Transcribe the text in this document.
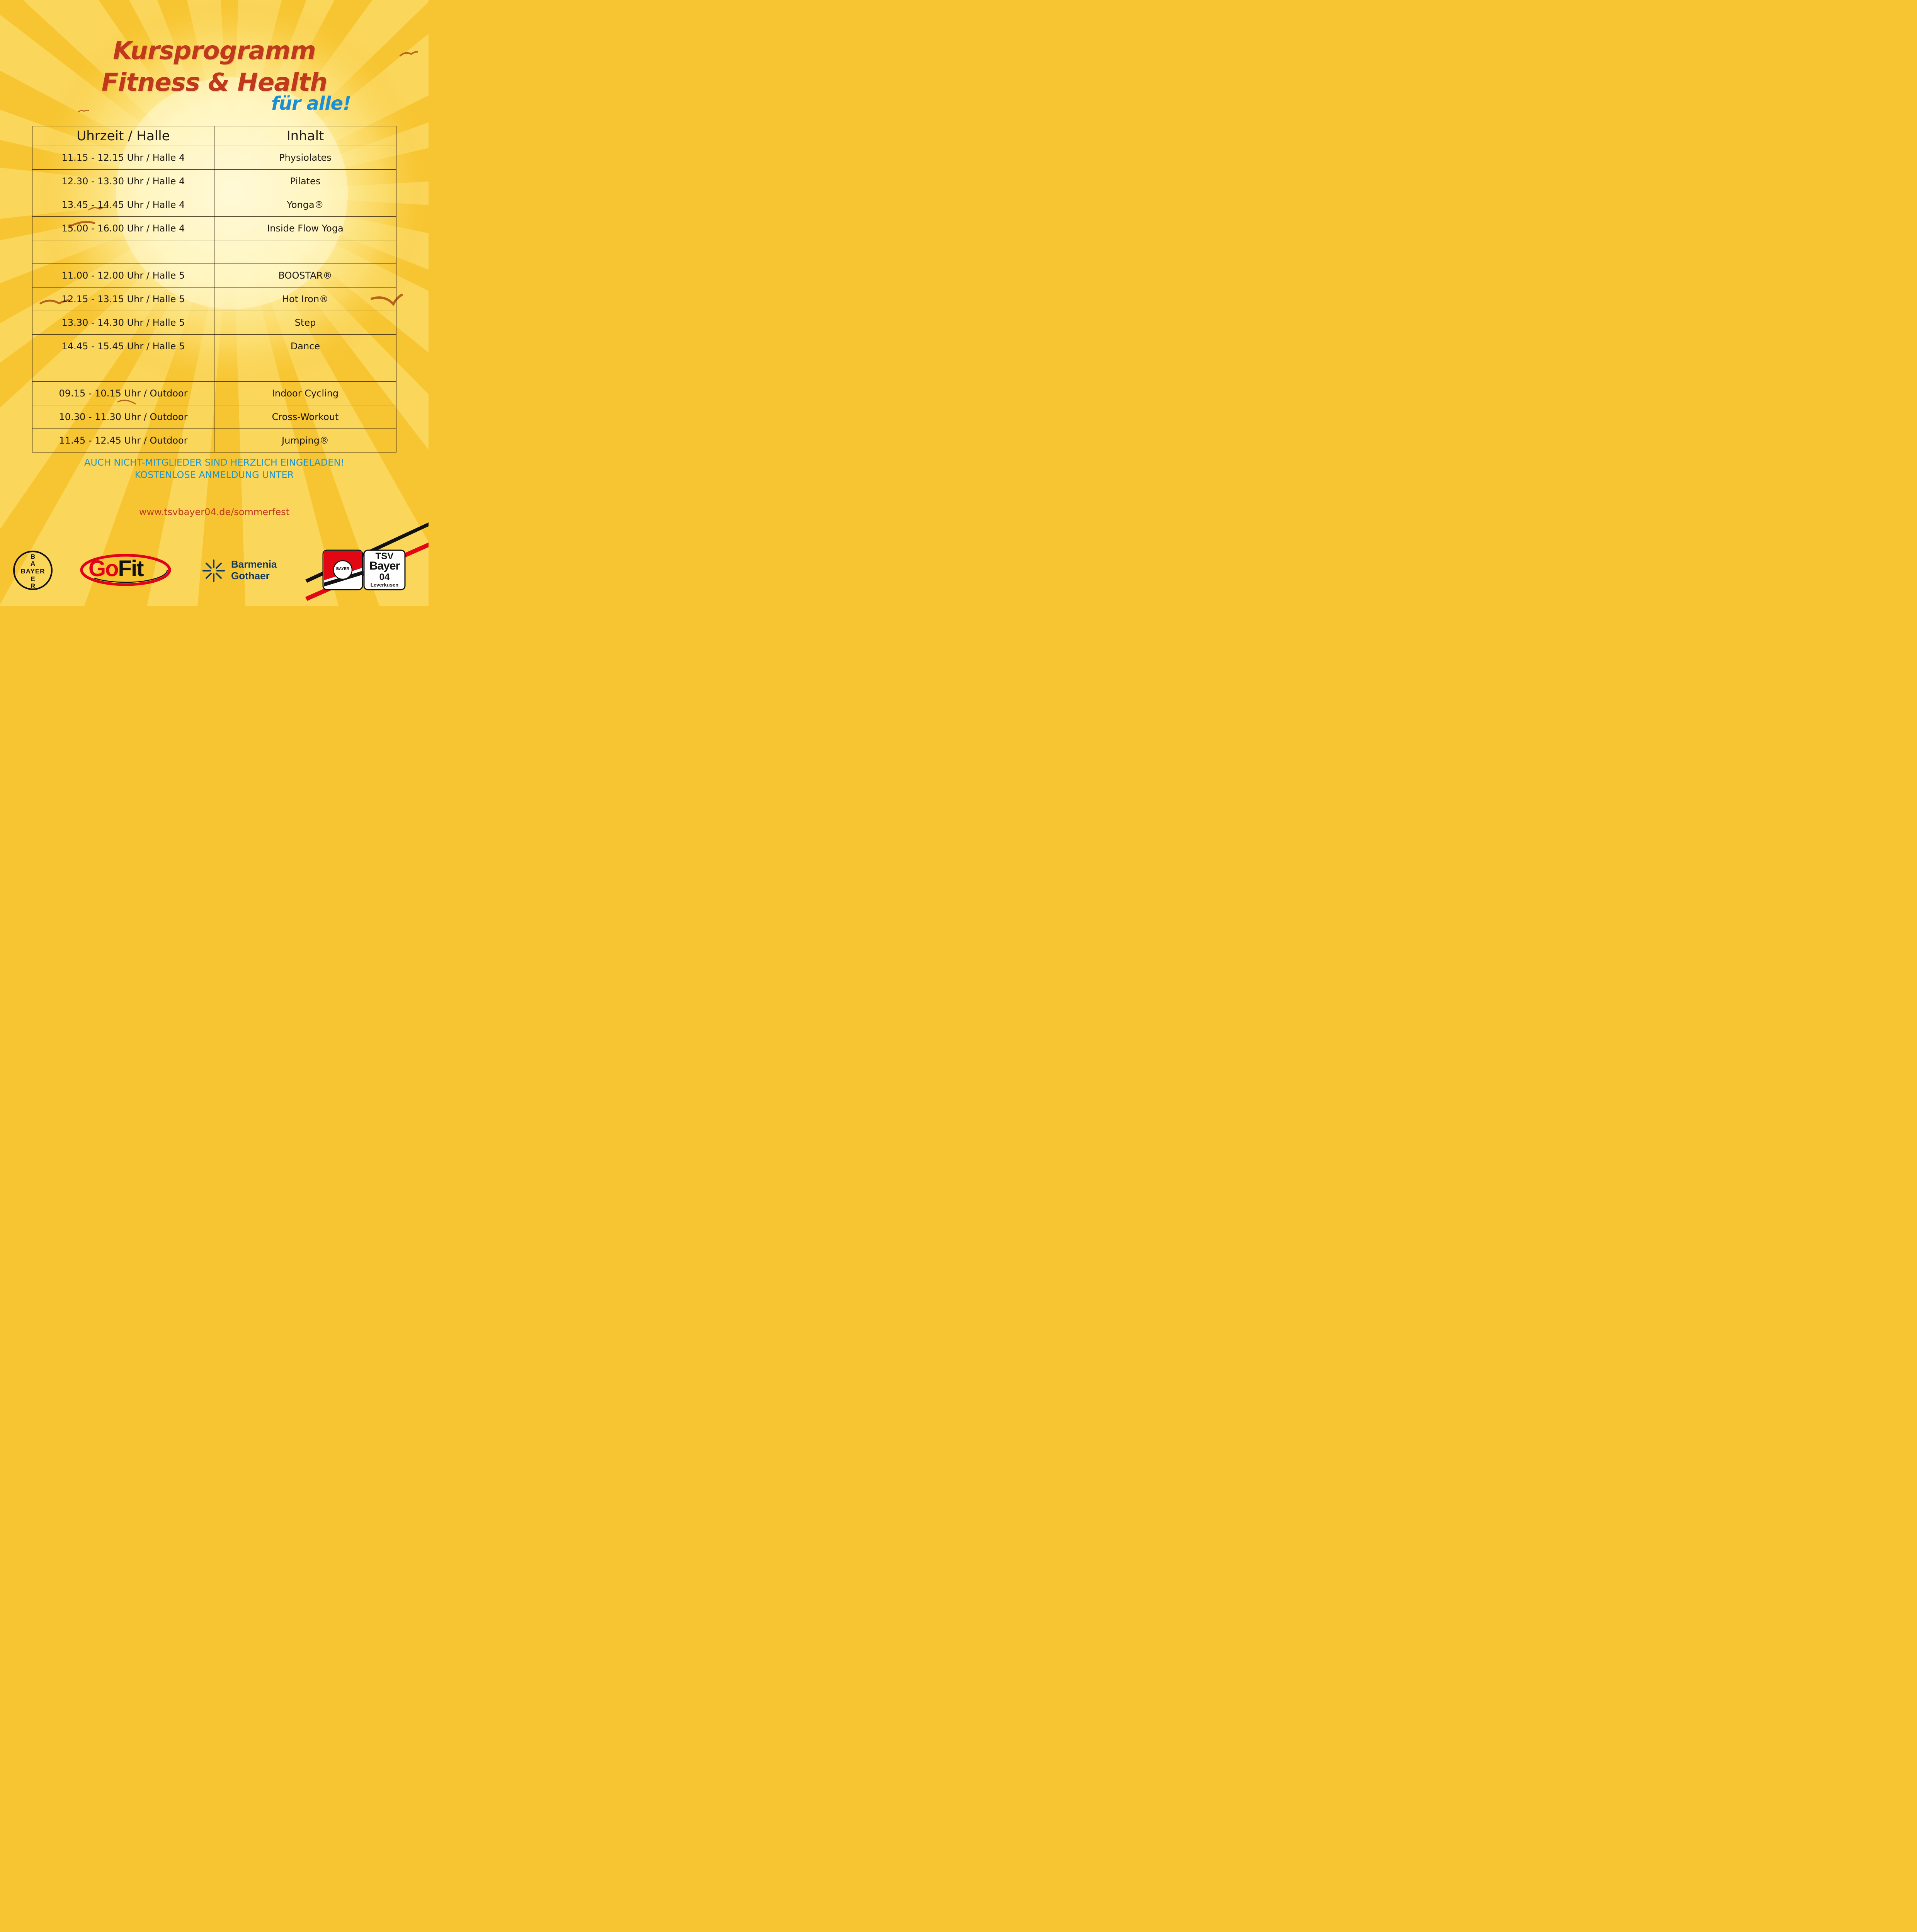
Kursprogramm
Fitness & Health
für alle!
Uhrzeit / Halle	Inhalt
11.15 - 12.15 Uhr / Halle 4	Physiolates
12.30 - 13.30 Uhr / Halle 4	Pilates
13.45 - 14.45 Uhr / Halle 4	Yonga®
15.00 - 16.00 Uhr / Halle 4	Inside Flow Yoga

11.00 - 12.00 Uhr / Halle 5	BOOSTAR®
12.15 - 13.15 Uhr / Halle 5	Hot Iron®
13.30 - 14.30 Uhr / Halle 5	Step
14.45 - 15.45 Uhr / Halle 5	Dance

09.15 - 10.15 Uhr / Outdoor	Indoor Cycling
10.30 - 11.30 Uhr / Outdoor	Cross-Workout
11.45 - 12.45 Uhr / Outdoor	Jumping®
AUCH NICHT-MITGLIEDER SIND HERZLICH EINGELADEN!
KOSTENLOSE ANMELDUNG UNTER
www.tsvbayer04.de/sommerfest
B
A
R
E
BAYER GoFit	Barmenia
Gothaer
BAYER
TSV
Bayer
04
Leverkusen
